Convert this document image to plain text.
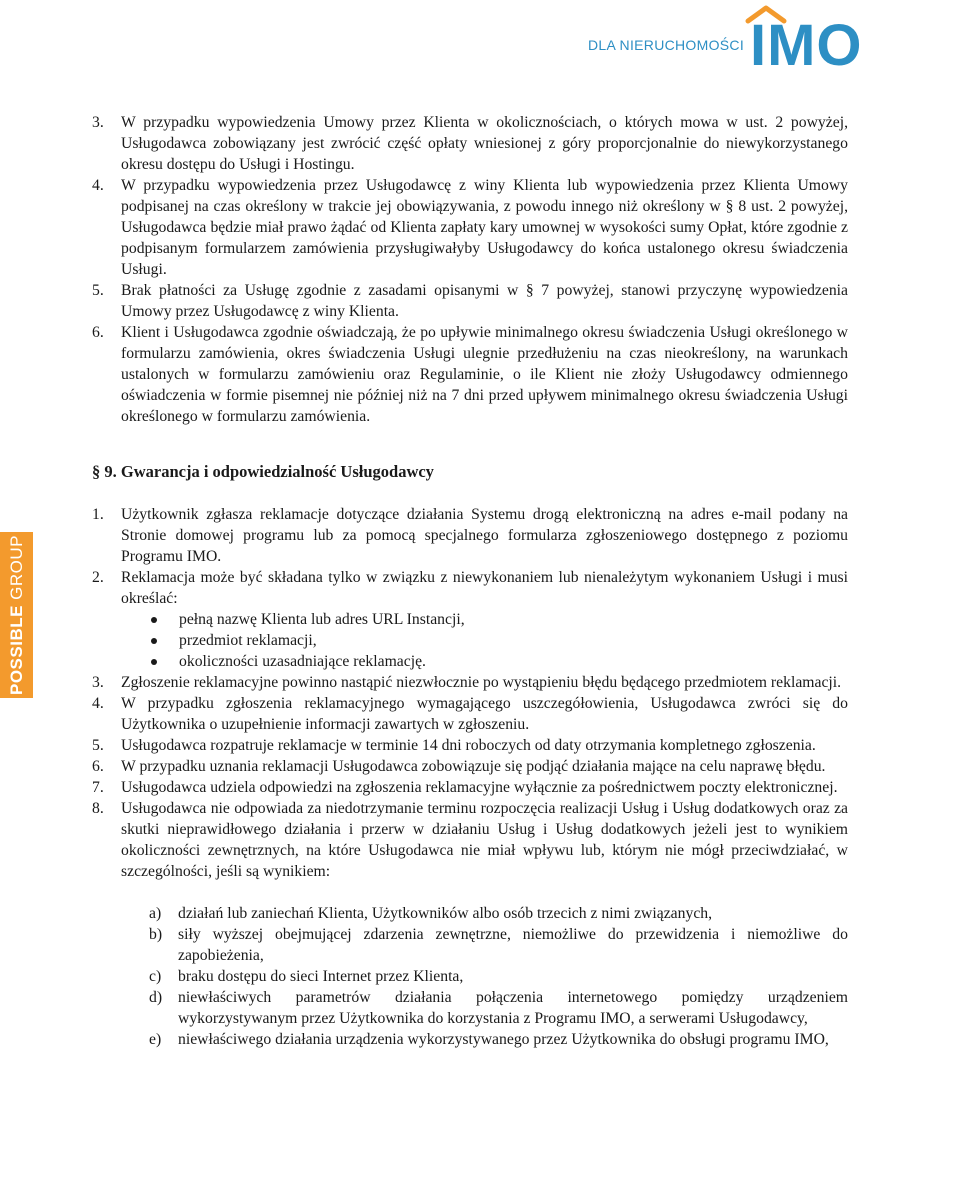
DLA NIERUCHOMOŚCI IMO
POSSIBLE GROUP
3. W przypadku wypowiedzenia Umowy przez Klienta w okolicznościach, o których mowa w ust. 2 powyżej, Usługodawca zobowiązany jest zwrócić część opłaty wniesionej z góry proporcjonalnie do niewykorzystanego okresu dostępu do Usługi i Hostingu.
4. W przypadku wypowiedzenia przez Usługodawcę z winy Klienta lub wypowiedzenia przez Klienta Umowy podpisanej na czas określony w trakcie jej obowiązywania, z powodu innego niż określony w § 8 ust. 2 powyżej, Usługodawca będzie miał prawo żądać od Klienta zapłaty kary umownej w wysokości sumy Opłat, które zgodnie z podpisanym formularzem zamówienia przysługiwałyby Usługodawcy do końca ustalonego okresu świadczenia Usługi.
5. Brak płatności za Usługę zgodnie z zasadami opisanymi w § 7 powyżej, stanowi przyczynę wypowiedzenia Umowy przez Usługodawcę z winy Klienta.
6. Klient i Usługodawca zgodnie oświadczają, że po upływie minimalnego okresu świadczenia Usługi określonego w formularzu zamówienia, okres świadczenia Usługi ulegnie przedłużeniu na czas nieokreślony, na warunkach ustalonych w formularzu zamówieniu oraz Regulaminie, o ile Klient nie złoży Usługodawcy odmiennego oświadczenia w formie pisemnej nie później niż na 7 dni przed upływem minimalnego okresu świadczenia Usługi określonego w formularzu zamówienia.
§ 9. Gwarancja i odpowiedzialność Usługodawcy
1. Użytkownik zgłasza reklamacje dotyczące działania Systemu drogą elektroniczną na adres e-mail podany na Stronie domowej programu lub za pomocą specjalnego formularza zgłoszeniowego dostępnego z poziomu Programu IMO.
2. Reklamacja może być składana tylko w związku z niewykonaniem lub nienależytym wykonaniem Usługi i musi określać:
pełną nazwę Klienta lub adres URL Instancji,
przedmiot reklamacji,
okoliczności uzasadniające reklamację.
3. Zgłoszenie reklamacyjne powinno nastąpić niezwłocznie po wystąpieniu błędu będącego przedmiotem reklamacji.
4. W przypadku zgłoszenia reklamacyjnego wymagającego uszczegółowienia, Usługodawca zwróci się do Użytkownika o uzupełnienie informacji zawartych w zgłoszeniu.
5. Usługodawca rozpatruje reklamacje w terminie 14 dni roboczych od daty otrzymania kompletnego zgłoszenia.
6. W przypadku uznania reklamacji Usługodawca zobowiązuje się podjąć działania mające na celu naprawę błędu.
7. Usługodawca udziela odpowiedzi na zgłoszenia reklamacyjne wyłącznie za pośrednictwem poczty elektronicznej.
8. Usługodawca nie odpowiada za niedotrzymanie terminu rozpoczęcia realizacji Usług i Usług dodatkowych oraz za skutki nieprawidłowego działania i przerw w działaniu Usług i Usług dodatkowych jeżeli jest to wynikiem okoliczności zewnętrznych, na które Usługodawca nie miał wpływu lub, którym nie mógł przeciwdziałać, w szczególności, jeśli są wynikiem:
a) działań lub zaniechań Klienta, Użytkowników albo osób trzecich z nimi związanych,
b) siły wyższej obejmującej zdarzenia zewnętrzne, niemożliwe do przewidzenia i niemożliwe do zapobieżenia,
c) braku dostępu do sieci Internet przez Klienta,
d) niewłaściwych parametrów działania połączenia internetowego pomiędzy urządzeniem wykorzystywanym przez Użytkownika do korzystania z Programu IMO, a serwerami Usługodawcy,
e) niewłaściwego działania urządzenia wykorzystywanego przez Użytkownika do obsługi programu IMO,
